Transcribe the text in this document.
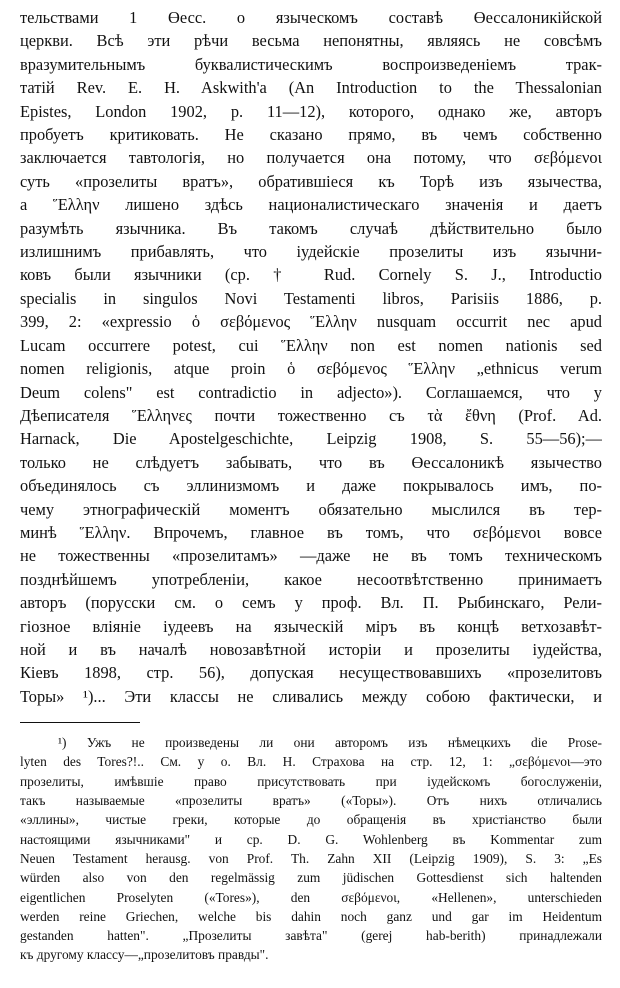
тельствами 1 Өесс. о языческомъ составѣ Өессалоникійской
церкви. Всѣ эти рѣчи весьма непонятны, являясь не совсѣмъ
вразумительнымъ буквалистическимъ воспроизведеніемъ трак-
татій Rev. E. H. Askwith'a (An Introduction to the Thessalonian
Epistes, London 1902, p. 11—12), которого, однако же, авторъ
пробуетъ критиковать. Не сказано прямо, въ чемъ собственно
заключается тавтологія, но получается она потому, что σεβόμενοι
суть «прозелиты вратъ», обратившіеся къ Торѣ изъ язычества,
а Ἕλλην лишено здѣсь националистическаго значенія и даетъ
разумѣть язычника. Въ такомъ случаѣ дѣйствительно было
излишнимъ прибавлять, что іудейскіе прозелиты изъ язычни-
ковъ были язычники (ср. † Rud. Cornely S. J., Introductio
specialis in singulos Novi Testamenti libros, Parisiis 1886, p.
399, 2: «expressio ὁ σεβόμενος Ἕλλην nusquam occurrit nec apud
Lucam occurrere potest, cui Ἕλλην non est nomen nationis sed
nomen religionis, atque proin ὁ σεβόμενος Ἕλλην „ethnicus verum
Deum colens" est contradictio in adjecto»). Соглашаемся, что у
Дѣеписателя Ἕλληνες почти тожественно съ τὰ ἔθνη (Prof. Ad.
Harnack, Die Apostelgeschichte, Leipzig 1908, S. 55—56);—
только не слѣдуетъ забывать, что въ Өессалоникѣ язычество
объединялось съ эллинизмомъ и даже покрывалось имъ, по-
чему этнографическій моментъ обязательно мыслился въ тер-
минѣ Ἕλλην. Впрочемъ, главное въ томъ, что σεβόμενοι вовсе
не тожественны «прозелитамъ» —даже не въ томъ техническомъ
позднѣйшемъ употребленіи, какое несоотвѣтственно принимаетъ
авторъ (порусски см. о семъ у проф. Вл. П. Рыбинскаго, Рели-
гіозное вліяніе іудеевъ на языческій міръ въ концѣ ветхозавѣт-
ной и въ началѣ новозавѣтной исторіи и прозелиты іудейства,
Кіевъ 1898, стр. 56), допуская несуществовавшихъ «прозелитовъ
Торы» ¹)... Эти классы не сливались между собою фактически, и
¹) Ужъ не произведены ли они авторомъ изъ нѣмецкихъ die Prose-
lyten des Tores?!.. См. у о. Вл. Н. Страхова на стр. 12, 1: „σεβόμενοι—это
прозелиты, имѣвшіе право присутствовать при іудейскомъ богослуженіи,
такъ называемые «прозелиты вратъ» («Торы»). Отъ нихъ отличались
«эллины», чистые греки, которые до обращенія въ христіанство были
настоящими язычниками" и ср. D. G. Wohlenberg въ Kommentar zum
Neuen Testament herausg. von Prof. Th. Zahn XII (Leipzig 1909), S. 3: „Es
würden also von den regelmässig zum jüdischen Gottesdienst sich haltenden
eigentlichen Proselyten («Tores»), den σεβόμενοι, «Hellenen», unterschieden
werden reine Griechen, welche bis dahin noch ganz und gar im Heidentum
gestanden hatten". „Прозелиты завѣта" (gerej hab-berith) принадлежали
къ другому классу—„прозелитовъ правды".
